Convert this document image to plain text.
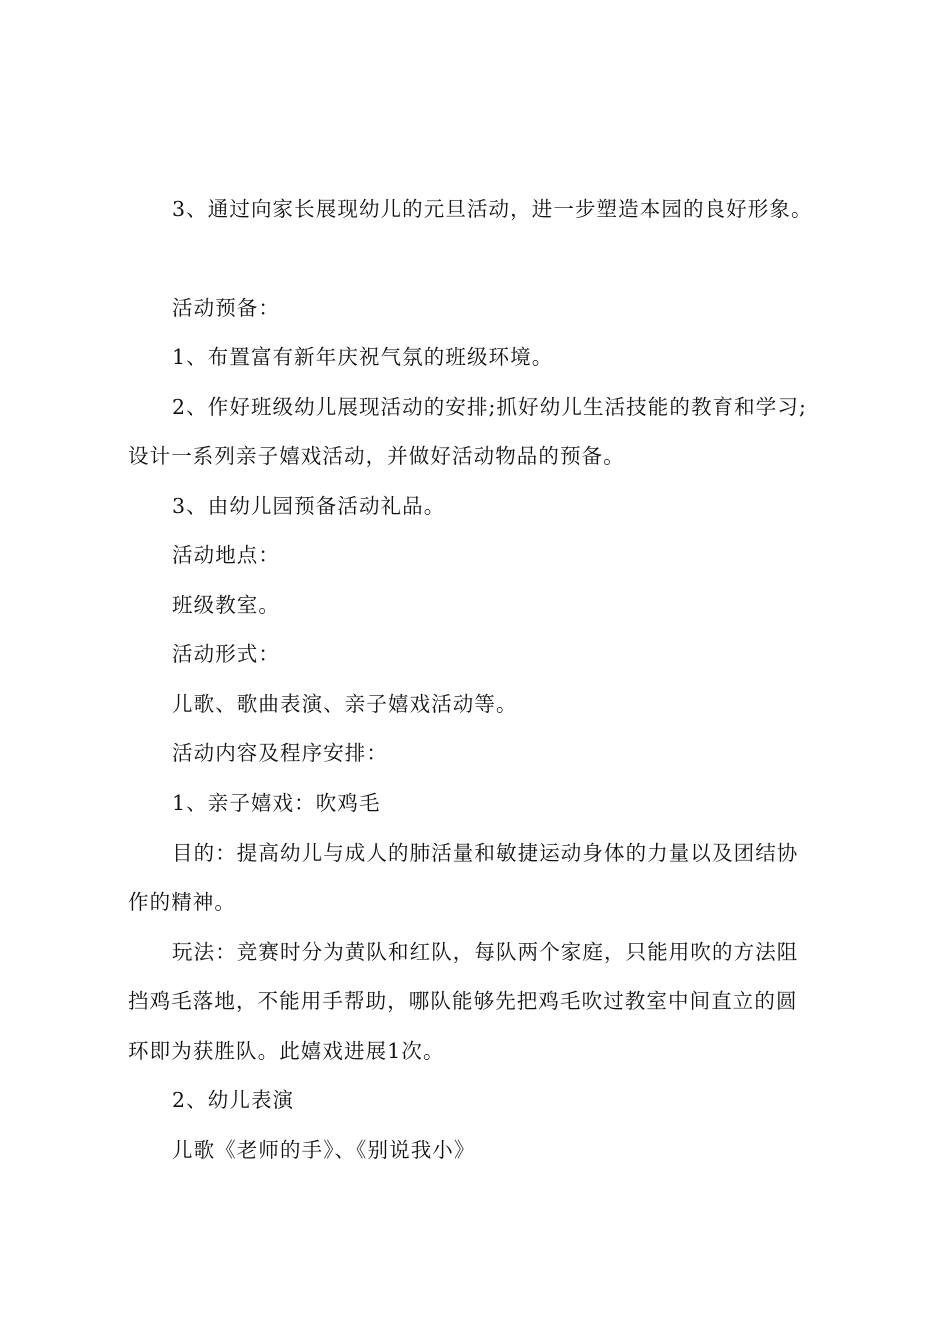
3、通过向家长展现幼儿的元旦活动，进一步塑造本园的良好形象。
活动预备：
1、布置富有新年庆祝气氛的班级环境。
2、作好班级幼儿展现活动的安排;抓好幼儿生活技能的教育和学习;
设计一系列亲子嬉戏活动，并做好活动物品的预备。
3、由幼儿园预备活动礼品。
活动地点：
班级教室。
活动形式：
儿歌、歌曲表演、亲子嬉戏活动等。
活动内容及程序安排：
1、亲子嬉戏：吹鸡毛
目的：提高幼儿与成人的肺活量和敏捷运动身体的力量以及团结协
作的精神。
玩法：竞赛时分为黄队和红队，每队两个家庭，只能用吹的方法阻
挡鸡毛落地，不能用手帮助，哪队能够先把鸡毛吹过教室中间直立的圆
环即为获胜队。此嬉戏进展1次。
2、幼儿表演
儿歌《老师的手》、《别说我小》
